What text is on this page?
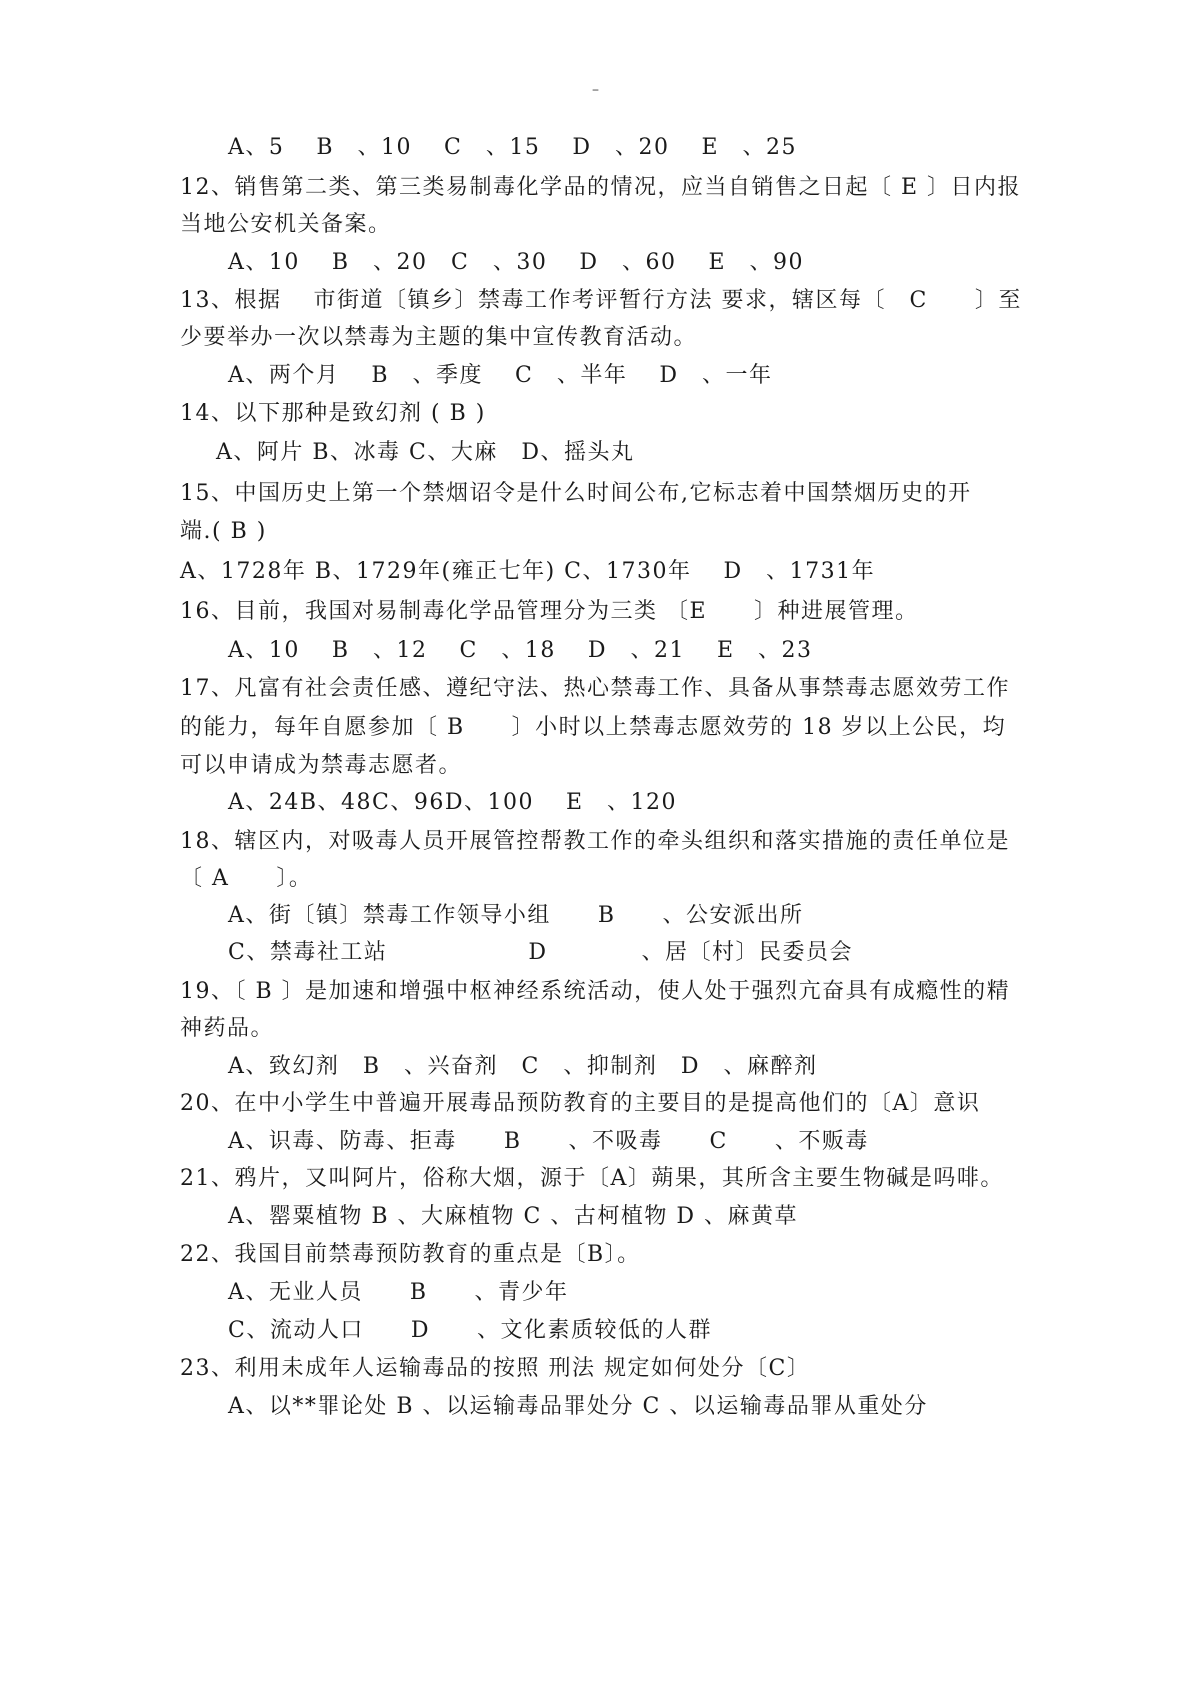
–
A、5　 B　、10　 C　、15　 D　、20　 E　、25
12、销售第二类、第三类易制毒化学品的情况，应当自销售之日起〔 E 〕日内报
当地公安机关备案。
A、10　 B　、20　C　、30　 D　、60　 E　、90
13、根据　 市街道〔镇乡〕禁毒工作考评暂行方法 要求，辖区每〔　C　　〕至
少要举办一次以禁毒为主题的集中宣传教育活动。
A、两个月　 B　、季度　 C　、半年　 D　、一年
14、以下那种是致幻剂 ( B )
A、阿片 B、冰毒 C、大麻　D、摇头丸
15、中国历史上第一个禁烟诏令是什么时间公布,它标志着中国禁烟历史的开
端.( B )
A、1728年 B、1729年(雍正七年) C、1730年　 D　、1731年
16、目前，我国对易制毒化学品管理分为三类 〔E　　〕种进展管理。
A、10　 B　、12　 C　、18　 D　、21　 E　、23
17、凡富有社会责任感、遵纪守法、热心禁毒工作、具备从事禁毒志愿效劳工作
的能力，每年自愿参加〔 B　　〕小时以上禁毒志愿效劳的 18 岁以上公民，均
可以申请成为禁毒志愿者。
A、24B、48C、96D、100　 E　、120
18、辖区内，对吸毒人员开展管控帮教工作的牵头组织和落实措施的责任单位是
〔 A　　〕。
A、街〔镇〕禁毒工作领导小组　　B　　、公安派出所
C、禁毒社工站　　　　　　D　　　　、居〔村〕民委员会
19、〔 B 〕是加速和增强中枢神经系统活动，使人处于强烈亢奋具有成瘾性的精
神药品。
A、致幻剂　B　、兴奋剂　C　、抑制剂　D　、麻醉剂
20、在中小学生中普遍开展毒品预防教育的主要目的是提高他们的〔A〕意识
A、识毒、防毒、拒毒　　B　　、不吸毒　　C　　、不贩毒
21、鸦片，又叫阿片，俗称大烟，源于〔A〕蒴果，其所含主要生物碱是吗啡。
A、罂粟植物 B 、大麻植物 C 、古柯植物 D 、麻黄草
22、我国目前禁毒预防教育的重点是〔B〕。
A、无业人员　　B　　、青少年
C、流动人口　　D　　、文化素质较低的人群
23、利用未成年人运输毒品的按照 刑法 规定如何处分〔C〕
A、以**罪论处 B 、以运输毒品罪处分 C 、以运输毒品罪从重处分
